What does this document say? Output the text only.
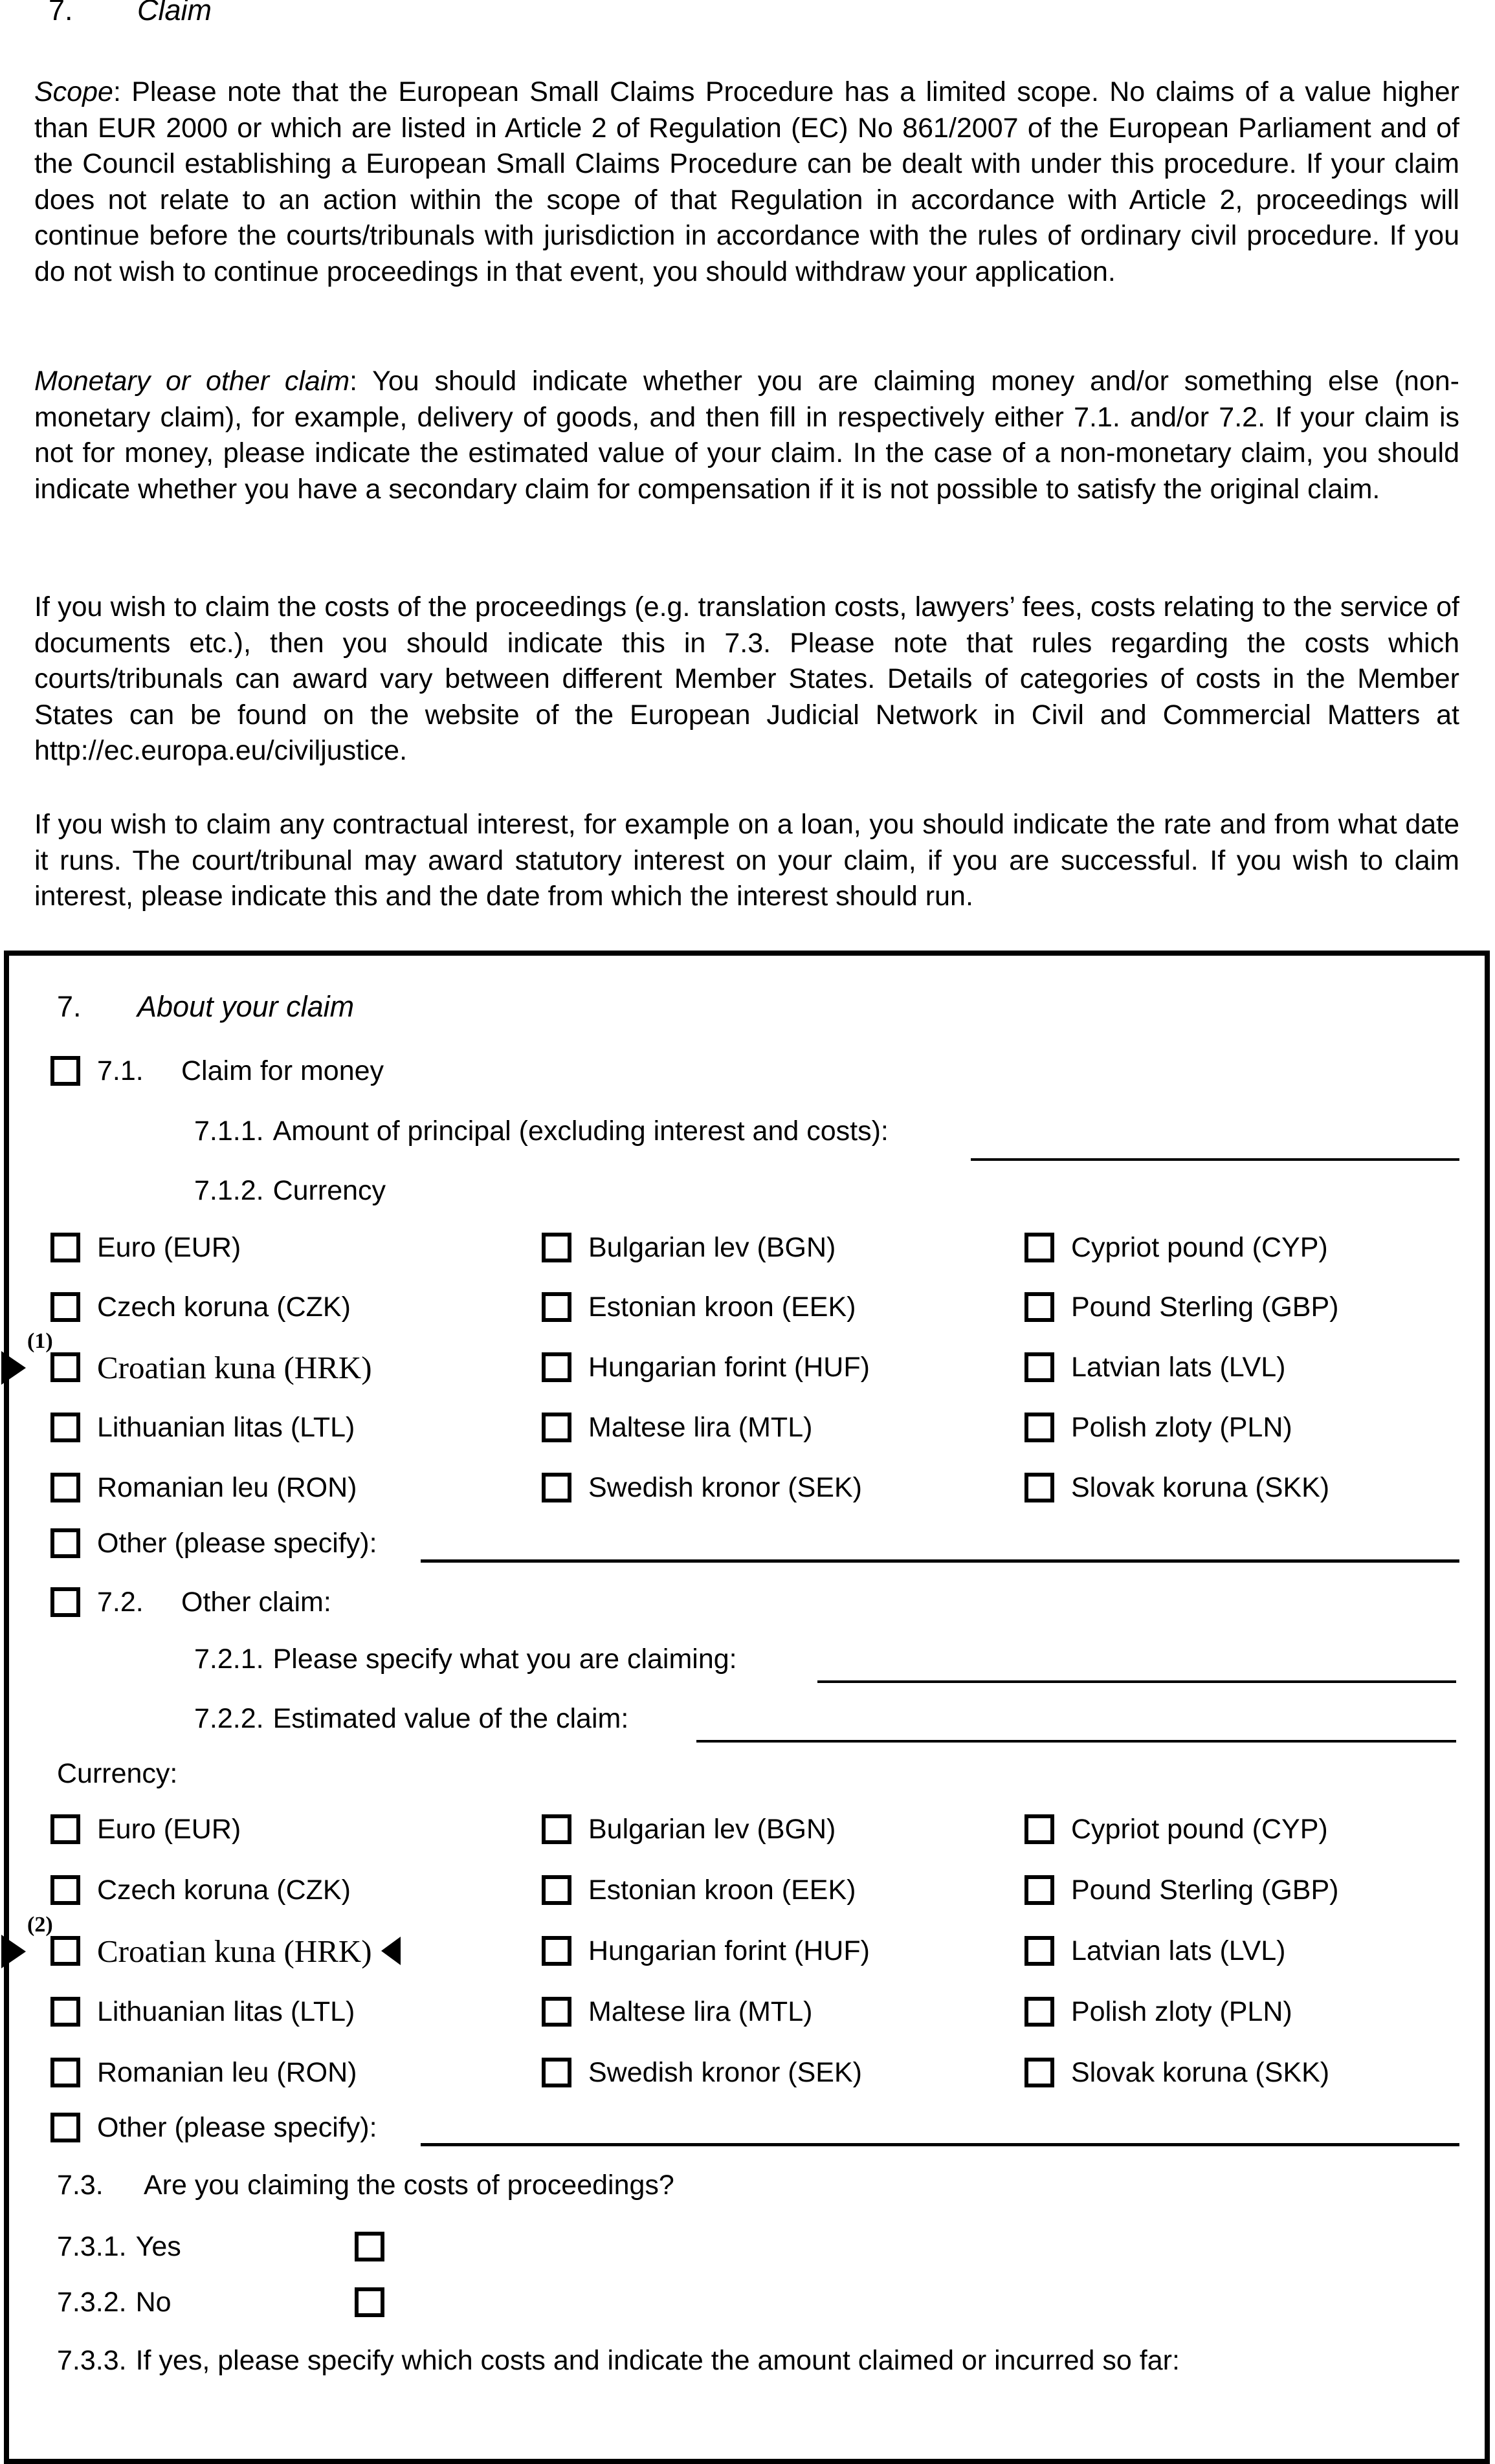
7. Claim

Scope: Please note that the European Small Claims Procedure has a limited scope. No claims of a value higher than EUR 2000 or which are listed in Article 2 of Regulation (EC) No 861/2007 of the European Parliament and of the Council establishing a European Small Claims Procedure can be dealt with under this procedure. If your claim does not relate to an action within the scope of that Regulation in accordance with Article 2, proceedings will continue before the courts/tribunals with jurisdiction in accordance with the rules of ordinary civil procedure. If you do not wish to continue proceedings in that event, you should withdraw your application.

Monetary or other claim: You should indicate whether you are claiming money and/or something else (non-monetary claim), for example, delivery of goods, and then fill in respectively either 7.1. and/or 7.2. If your claim is not for money, please indicate the estimated value of your claim. In the case of a non-monetary claim, you should indicate whether you have a secondary claim for compensation if it is not possible to satisfy the original claim.

If you wish to claim the costs of the proceedings (e.g. translation costs, lawyers’ fees, costs relating to the service of documents etc.), then you should indicate this in 7.3. Please note that rules regarding the costs which courts/tribunals can award vary between different Member States. Details of categories of costs in the Member States can be found on the website of the European Judicial Network in Civil and Commercial Matters at http://ec.europa.eu/civiljustice.

If you wish to claim any contractual interest, for example on a loan, you should indicate the rate and from what date it runs. The court/tribunal may award statutory interest on your claim, if you are successful. If you wish to claim interest, please indicate this and the date from which the interest should run.

7. About your claim
7.1.	Claim for money
7.1.1. Amount of principal (excluding interest and costs):
7.1.2. Currency
Euro (EUR)	Bulgarian lev (BGN)	Cypriot pound (CYP)
Czech koruna (CZK)	Estonian kroon (EEK)	Pound Sterling (GBP)
Croatian kuna (HRK)	Hungarian forint (HUF)	Latvian lats (LVL)
Lithuanian litas (LTL)	Maltese lira (MTL)	Polish zloty (PLN)
Romanian leu (RON)	Swedish kronor (SEK)	Slovak koruna (SKK)
Other (please specify):
7.2.	Other claim:
7.2.1. Please specify what you are claiming:
7.2.2. Estimated value of the claim:
Currency:
Euro (EUR)	Bulgarian lev (BGN)	Cypriot pound (CYP)
Czech koruna (CZK)	Estonian kroon (EEK)	Pound Sterling (GBP)
Croatian kuna (HRK)	Hungarian forint (HUF)	Latvian lats (LVL)
Lithuanian litas (LTL)	Maltese lira (MTL)	Polish zloty (PLN)
Romanian leu (RON)	Swedish kronor (SEK)	Slovak koruna (SKK)
Other (please specify):
7.3.	Are you claiming the costs of proceedings?
7.3.1. Yes
7.3.2. No
7.3.3. If yes, please specify which costs and indicate the amount claimed or incurred so far:
(1)
(2)
